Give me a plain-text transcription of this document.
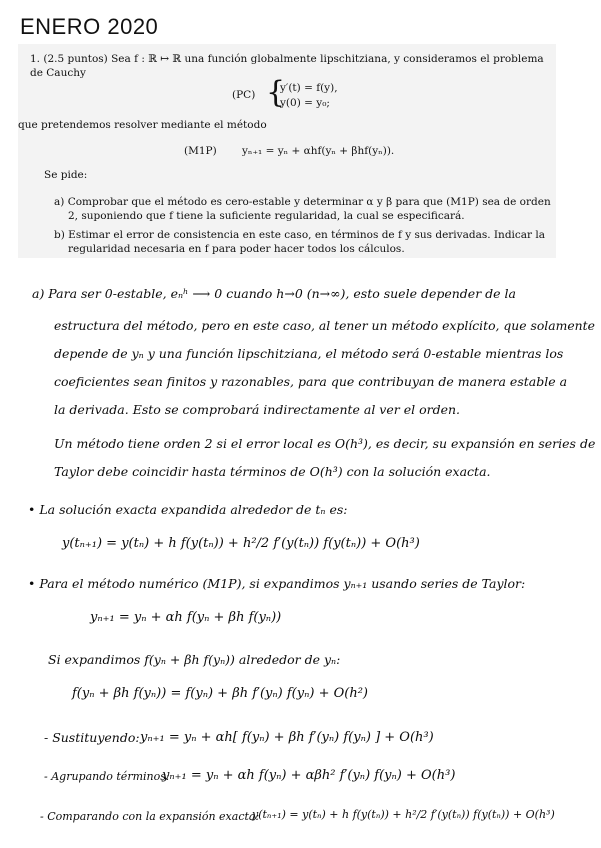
ENERO 2020
1. (2.5 puntos) Sea f : ℝ ↦ ℝ una función globalmente lipschitziana, y consideramos el problema
de Cauchy
(PC) {
y′(t) = f(y),
y(0) = y₀;
que pretendemos resolver mediante el método
(M1P) yₙ₊₁ = yₙ + αhf(yₙ + βhf(yₙ)).
Se pide:
a) Comprobar que el método es cero-estable y determinar α y β para que (M1P) sea de orden
2, suponiendo que f tiene la suficiente regularidad, la cual se especificará.
b) Estimar el error de consistencia en este caso, en términos de f y sus derivadas. Indicar la
regularidad necesaria en f para poder hacer todos los cálculos.
a) Para ser 0-estable, eₙʰ ⟶ 0 cuando h→0 (n→∞), esto suele depender de la
estructura del método, pero en este caso, al tener un método explícito, que solamente
depende de yₙ y una función lipschitziana, el método será 0-estable mientras los
coeficientes sean finitos y razonables, para que contribuyan de manera estable a
la derivada. Esto se comprobará indirectamente al ver el orden.
Un método tiene orden 2 si el error local es O(h³), es decir, su expansión en series de
Taylor debe coincidir hasta términos de O(h³) con la solución exacta.
• La solución exacta expandida alrededor de tₙ es:
y(tₙ₊₁) = y(tₙ) + h f(y(tₙ)) + h²/2 f′(y(tₙ)) f(y(tₙ)) + O(h³)
• Para el método numérico (M1P), si expandimos yₙ₊₁ usando series de Taylor:
yₙ₊₁ = yₙ + αh f(yₙ + βh f(yₙ))
Si expandimos f(yₙ + βh f(yₙ)) alrededor de yₙ:
f(yₙ + βh f(yₙ)) = f(yₙ) + βh f′(yₙ) f(yₙ) + O(h²)
- Sustituyendo: yₙ₊₁ = yₙ + αh[ f(yₙ) + βh f′(yₙ) f(yₙ) ] + O(h³)
- Agrupando términos:
yₙ₊₁ = yₙ + αh f(yₙ) + αβh² f′(yₙ) f(yₙ) + O(h³)
- Comparando con la expansión exacta:
y(tₙ₊₁) = y(tₙ) + h f(y(tₙ)) + h²/2 f′(y(tₙ)) f(y(tₙ)) + O(h³)
